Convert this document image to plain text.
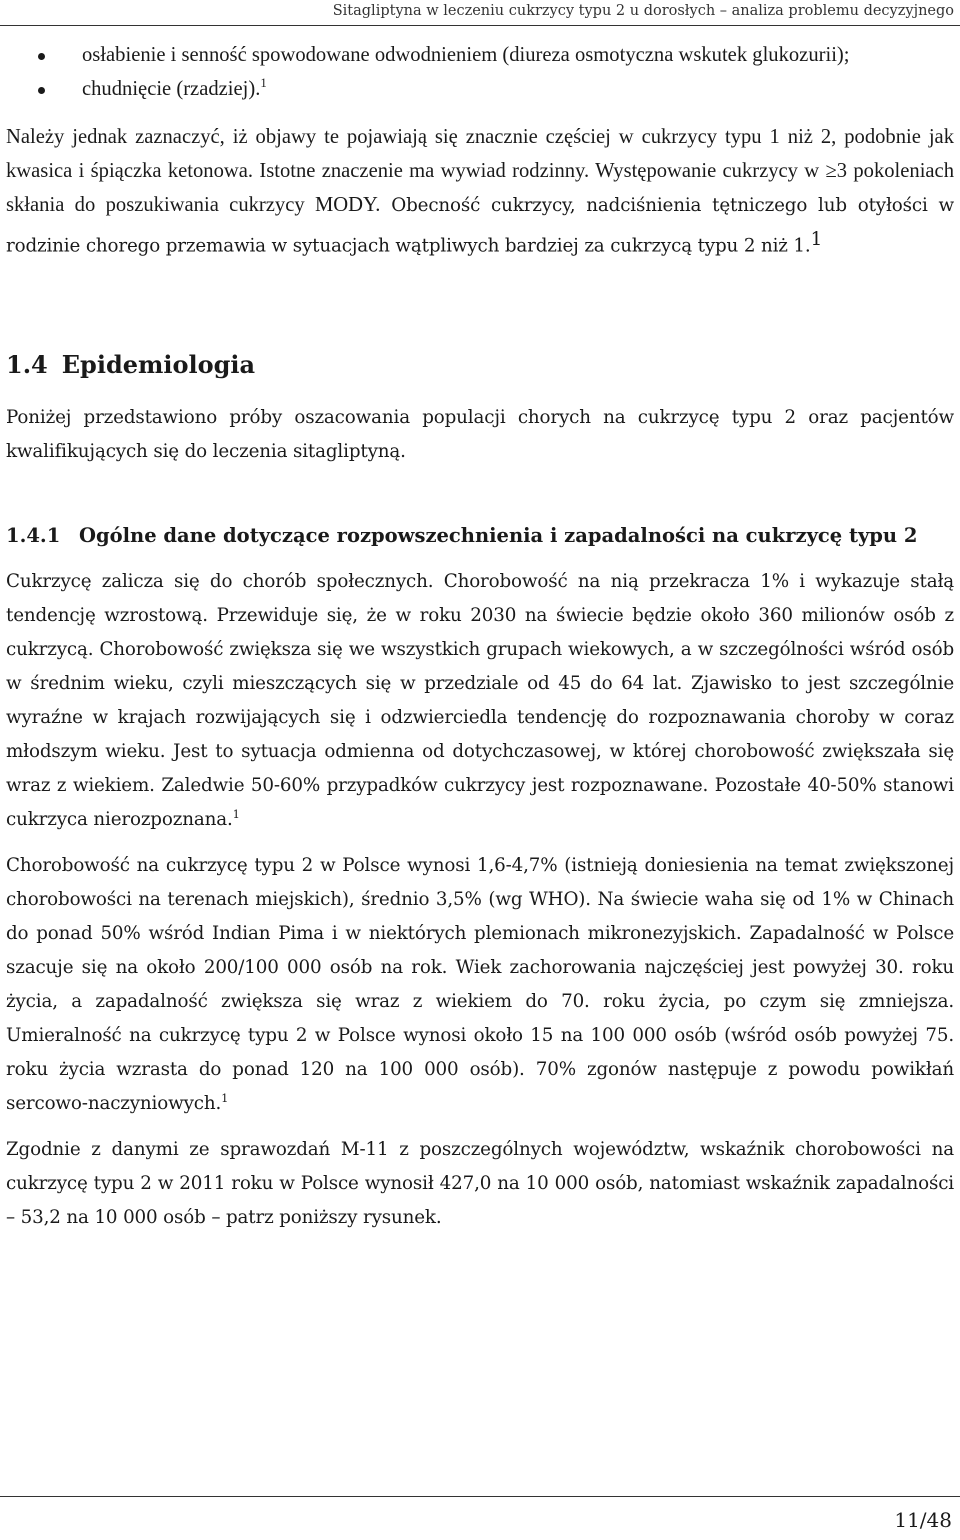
Sitagliptyna w leczeniu cukrzycy typu 2 u dorosłych – analiza problemu decyzyjnego
osłabienie i senność spowodowane odwodnieniem (diureza osmotyczna wskutek glukozurii);
chudnięcie (rzadziej).$^1$

Należy jednak zaznaczyć, iż objawy te pojawiają się znacznie częściej w cukrzycy typu 1 niż 2, podobnie jak kwasica i śpiączka ketonowa. Istotne znaczenie ma wywiad rodzinny. Występowanie cukrzycy w ≥3 pokoleniach skłania do poszukiwania cukrzycy MODY. Obecność cukrzycy, nadciśnienia tętniczego lub otyłości w rodzinie chorego przemawia w sytuacjach wątpliwych bardziej za cukrzycą typu 2 niż 1.$^1$

1.4 Epidemiologia

Poniżej przedstawiono próby oszacowania populacji chorych na cukrzycę typu 2 oraz pacjentów kwalifikujących się do leczenia sitagliptyną.

1.4.1 Ogólne dane dotyczące rozpowszechnienia i zapadalności na cukrzycę typu 2

Cukrzycę zalicza się do chorób społecznych. Chorobowość na nią przekracza 1% i wykazuje stałą tendencję wzrostową. Przewiduje się, że w roku 2030 na świecie będzie około 360 milionów osób z cukrzycą. Chorobowość zwiększa się we wszystkich grupach wiekowych, a w szczególności wśród osób w średnim wieku, czyli mieszczących się w przedziale od 45 do 64 lat. Zjawisko to jest szczególnie wyraźne w krajach rozwijających się i odzwierciedla tendencję do rozpoznawania choroby w coraz młodszym wieku. Jest to sytuacja odmienna od dotychczasowej, w której chorobowość zwiększała się wraz z wiekiem. Zaledwie 50-60% przypadków cukrzycy jest rozpoznawane. Pozostałe 40-50% stanowi cukrzyca nierozpoznana.$^1$

Chorobowość na cukrzycę typu 2 w Polsce wynosi 1,6-4,7% (istnieją doniesienia na temat zwiększonej chorobowości na terenach miejskich), średnio 3,5% (wg WHO). Na świecie waha się od 1% w Chinach do ponad 50% wśród Indian Pima i w niektórych plemionach mikronezyjskich. Zapadalność w Polsce szacuje się na około 200/100 000 osób na rok. Wiek zachorowania najczęściej jest powyżej 30. roku życia, a zapadalność zwiększa się wraz z wiekiem do 70. roku życia, po czym się zmniejsza. Umieralność na cukrzycę typu 2 w Polsce wynosi około 15 na 100 000 osób (wśród osób powyżej 75. roku życia wzrasta do ponad 120 na 100 000 osób). 70% zgonów następuje z powodu powikłań sercowo-naczyniowych.$^1$

Zgodnie z danymi ze sprawozdań M-11 z poszczególnych województw, wskaźnik chorobowości na cukrzycę typu 2 w 2011 roku w Polsce wynosił 427,0 na 10 000 osób, natomiast wskaźnik zapadalności – 53,2 na 10 000 osób – patrz poniższy rysunek.

11/48
